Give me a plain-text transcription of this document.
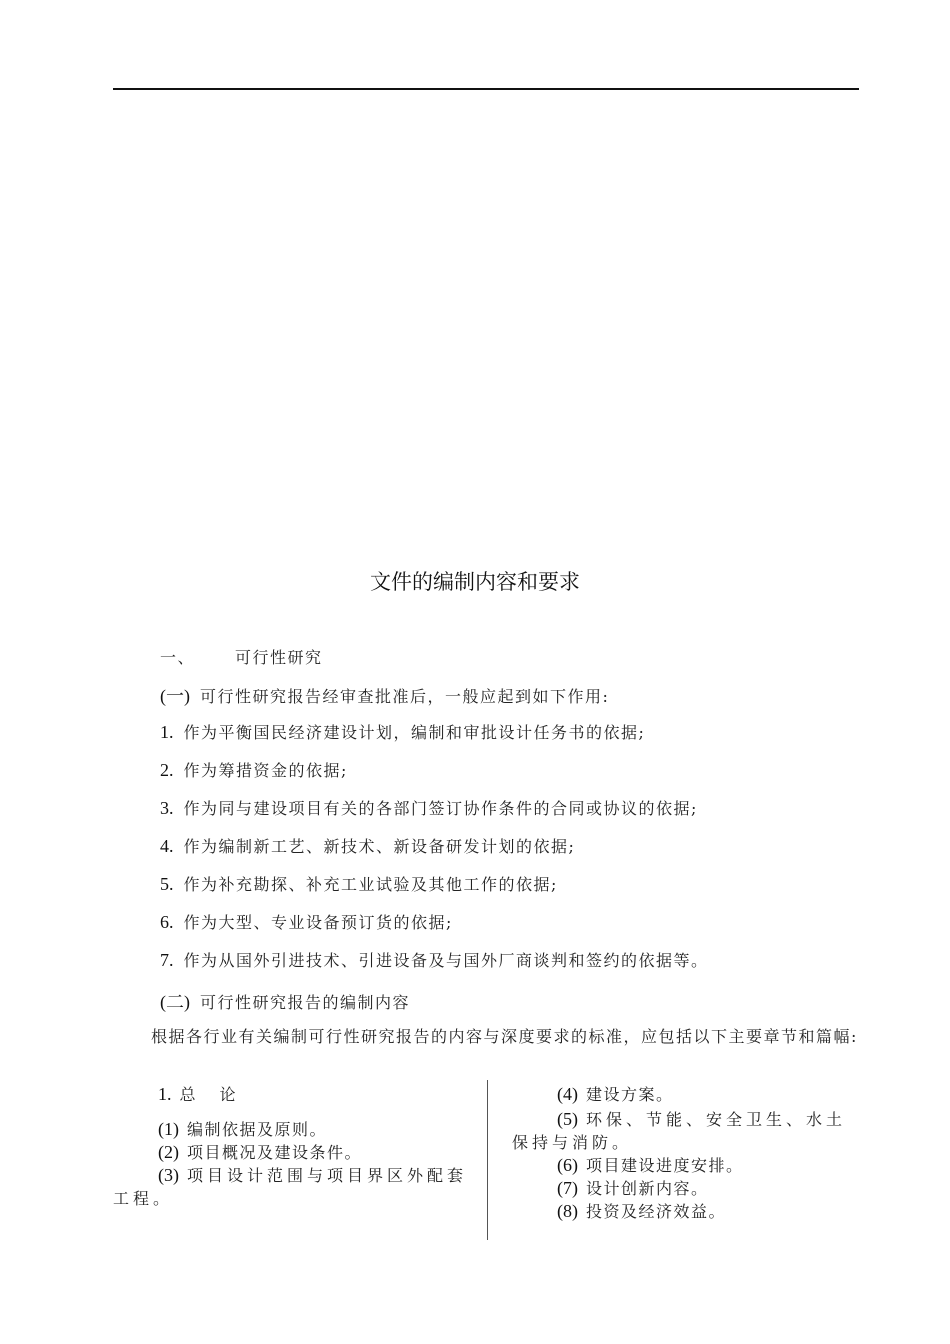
文件的编制内容和要求
一、	可行性研究
(一) 可行性研究报告经审查批准后，一般应起到如下作用:
1. 作为平衡国民经济建设计划，编制和审批设计任务书的依据;
2. 作为筹措资金的依据;
3. 作为同与建设项目有关的各部门签订协作条件的合同或协议的依据;
4. 作为编制新工艺、新技术、新设备研发计划的依据;
5. 作为补充勘探、补充工业试验及其他工作的依据;
6. 作为大型、专业设备预订货的依据;
7. 作为从国外引进技术、引进设备及与国外厂商谈判和签约的依据等。
(二) 可行性研究报告的编制内容
根据各行业有关编制可行性研究报告的内容与深度要求的标准，应包括以下主要章节和篇幅:
1. 总　论
(1) 编制依据及原则。
(2) 项目概况及建设条件。
(3) 项目设计范围与项目界区外配套工程。
(4) 建设方案。
(5) 环保、节能、安全卫生、水土保持与消防。
(6) 项目建设进度安排。
(7) 设计创新内容。
(8) 投资及经济效益。
